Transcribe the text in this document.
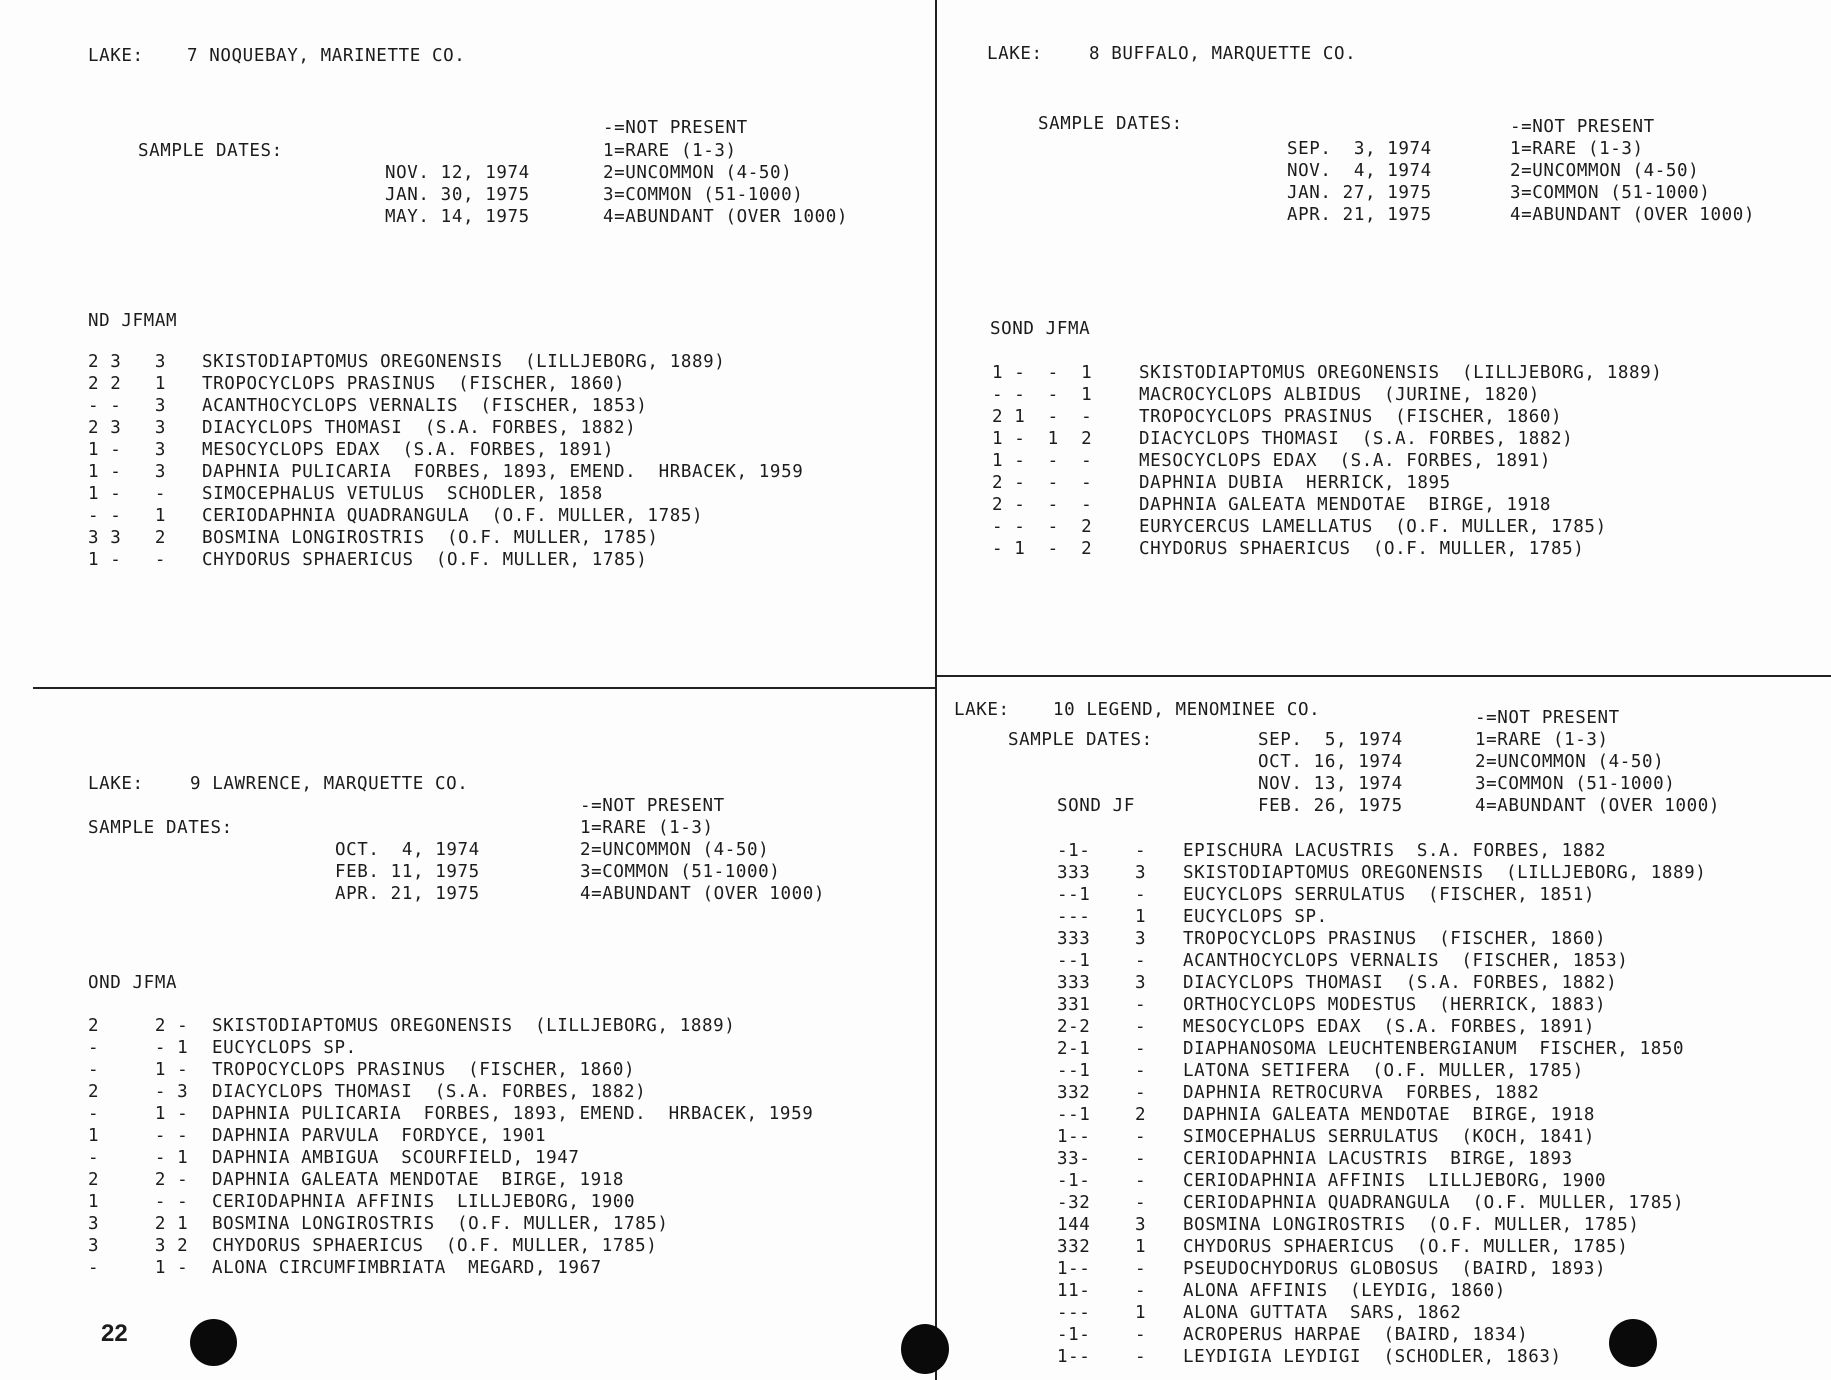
LAKE: 7 NOQUEBAY, MARINETTE CO.
SAMPLE DATES:
NOV. 12, 1974
JAN. 30, 1975
MAY. 14, 1975
-=NOT PRESENT
1=RARE (1-3)
2=UNCOMMON (4-50)
3=COMMON (51-1000)
4=ABUNDANT (OVER 1000)
ND JFMAM
2 3   3 SKISTODIAPTOMUS OREGONENSIS  (LILLJEBORG, 1889)
2 2   1 TROPOCYCLOPS PRASINUS  (FISCHER, 1860)
- -   3 ACANTHOCYCLOPS VERNALIS  (FISCHER, 1853)
2 3   3 DIACYCLOPS THOMASI  (S.A. FORBES, 1882)
1 -   3 MESOCYCLOPS EDAX  (S.A. FORBES, 1891)
1 -   3 DAPHNIA PULICARIA  FORBES, 1893, EMEND.  HRBACEK, 1959
1 -   - SIMOCEPHALUS VETULUS  SCHODLER, 1858
- -   1 CERIODAPHNIA QUADRANGULA  (O.F. MULLER, 1785)
3 3   2 BOSMINA LONGIROSTRIS  (O.F. MULLER, 1785)
1 -   - CHYDORUS SPHAERICUS  (O.F. MULLER, 1785)
LAKE:	8 BUFFALO, MARQUETTE CO.
SAMPLE DATES:
SEP.  3, 1974
NOV.  4, 1974
JAN. 27, 1975
APR. 21, 1975
-=NOT PRESENT
1=RARE (1-3)
2=UNCOMMON (4-50)
3=COMMON (51-1000)
4=ABUNDANT (OVER 1000)
SOND JFMA
1 -  -  1	SKISTODIAPTOMUS OREGONENSIS  (LILLJEBORG, 1889)
- -  -  1	MACROCYCLOPS ALBIDUS  (JURINE, 1820)
2 1  -  -	TROPOCYCLOPS PRASINUS  (FISCHER, 1860)
1 -  1  2	DIACYCLOPS THOMASI  (S.A. FORBES, 1882)
1 -  -  -	MESOCYCLOPS EDAX  (S.A. FORBES, 1891)
2 -  -  -	DAPHNIA DUBIA  HERRICK, 1895
2 -  -  -	DAPHNIA GALEATA MENDOTAE  BIRGE, 1918
- -  -  2	EURYCERCUS LAMELLATUS  (O.F. MULLER, 1785)
- 1  -  2	CHYDORUS SPHAERICUS  (O.F. MULLER, 1785)
LAKE:	9 LAWRENCE, MARQUETTE CO.
SAMPLE DATES:
OCT.  4, 1974
FEB. 11, 1975
APR. 21, 1975
-=NOT PRESENT
1=RARE (1-3)
2=UNCOMMON (4-50)
3=COMMON (51-1000)
4=ABUNDANT (OVER 1000)
OND JFMA
2     2 - SKISTODIAPTOMUS OREGONENSIS  (LILLJEBORG, 1889)
-     - 1 EUCYCLOPS SP.
-     1 - TROPOCYCLOPS PRASINUS  (FISCHER, 1860)
2     - 3 DIACYCLOPS THOMASI  (S.A. FORBES, 1882)
-     1 - DAPHNIA PULICARIA  FORBES, 1893, EMEND.  HRBACEK, 1959
1     - - DAPHNIA PARVULA  FORDYCE, 1901
-     - 1 DAPHNIA AMBIGUA  SCOURFIELD, 1947
2     2 - DAPHNIA GALEATA MENDOTAE  BIRGE, 1918
1     - - CERIODAPHNIA AFFINIS  LILLJEBORG, 1900
3     2 1 BOSMINA LONGIROSTRIS  (O.F. MULLER, 1785)
3     3 2 CHYDORUS SPHAERICUS  (O.F. MULLER, 1785)
-     1 - ALONA CIRCUMFIMBRIATA  MEGARD, 1967
LAKE: 10 LEGEND, MENOMINEE CO.
SAMPLE DATES:	SEP.  5, 1974
OCT. 16, 1974
NOV. 13, 1974
FEB. 26, 1975
-=NOT PRESENT
1=RARE (1-3)
2=UNCOMMON (4-50)
3=COMMON (51-1000)
4=ABUNDANT (OVER 1000)
SOND JF
-1-    - EPISCHURA LACUSTRIS  S.A. FORBES, 1882
333    3 SKISTODIAPTOMUS OREGONENSIS  (LILLJEBORG, 1889)
--1    - EUCYCLOPS SERRULATUS  (FISCHER, 1851)
---    1 EUCYCLOPS SP.
333    3 TROPOCYCLOPS PRASINUS  (FISCHER, 1860)
--1    - ACANTHOCYCLOPS VERNALIS  (FISCHER, 1853)
333    3 DIACYCLOPS THOMASI  (S.A. FORBES, 1882)
331    - ORTHOCYCLOPS MODESTUS  (HERRICK, 1883)
2-2    - MESOCYCLOPS EDAX  (S.A. FORBES, 1891)
2-1    - DIAPHANOSOMA LEUCHTENBERGIANUM  FISCHER, 1850
--1    - LATONA SETIFERA  (O.F. MULLER, 1785)
332    - DAPHNIA RETROCURVA  FORBES, 1882
--1    2 DAPHNIA GALEATA MENDOTAE  BIRGE, 1918
1--    - SIMOCEPHALUS SERRULATUS  (KOCH, 1841)
33-    - CERIODAPHNIA LACUSTRIS  BIRGE, 1893
-1-    - CERIODAPHNIA AFFINIS  LILLJEBORG, 1900
-32    - CERIODAPHNIA QUADRANGULA  (O.F. MULLER, 1785)
144    3 BOSMINA LONGIROSTRIS  (O.F. MULLER, 1785)
332    1 CHYDORUS SPHAERICUS  (O.F. MULLER, 1785)
1--    - PSEUDOCHYDORUS GLOBOSUS  (BAIRD, 1893)
11-    - ALONA AFFINIS  (LEYDIG, 1860)
---    1 ALONA GUTTATA  SARS, 1862
-1-    - ACROPERUS HARPAE  (BAIRD, 1834)
1--    - LEYDIGIA LEYDIGI  (SCHODLER, 1863)
22
